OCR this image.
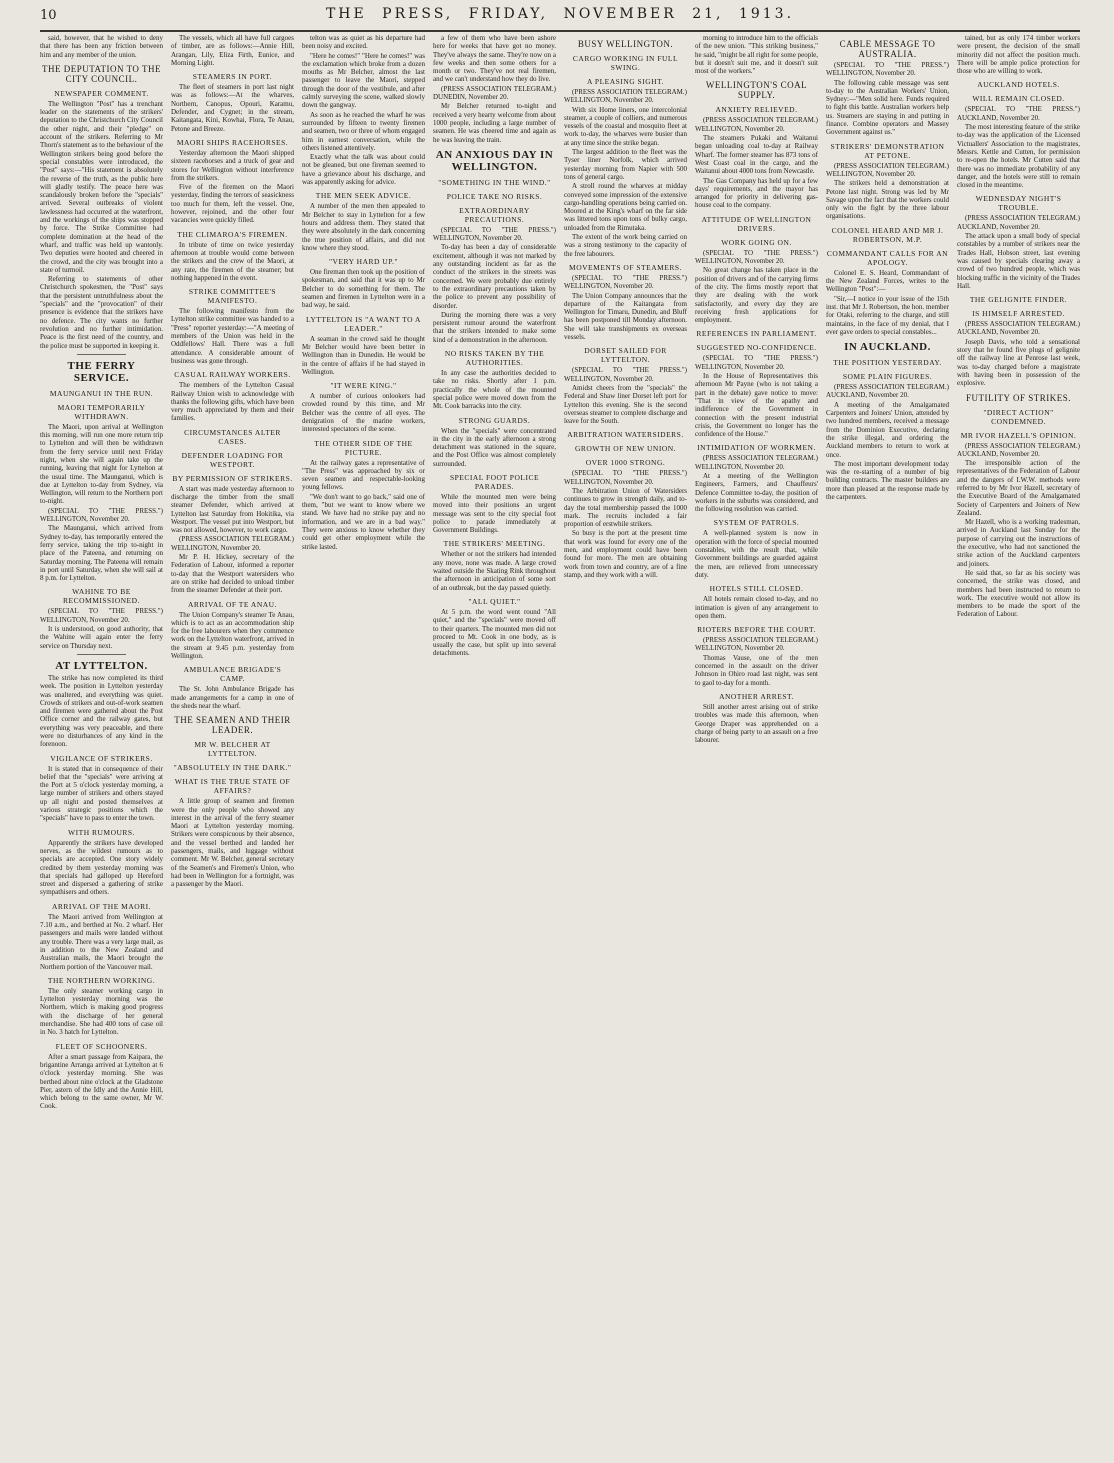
10	THE PRESS, FRIDAY, NOVEMBER 21, 1913.

said, however, that he wished to deny that there has been any friction between him and any member of the union.

THE DEPUTATION TO THE CITY COUNCIL.
NEWSPAPER COMMENT.

The Wellington "Post" has a trenchant leader on the statements of the strikers' deputation to the Christchurch City Council the other night, and their "pledge" on account of the strikers. Referring to Mr Thorn's statement as to the behaviour of the Wellington strikers being good before the special constables were introduced, the "Post" says:—"His statement is absolutely the reverse of the truth, as the public here will gladly testify. The peace here was scandalously broken before the "specials" arrived. Several outbreaks of violent lawlessness had occurred at the waterfront, and the workings of the ships was stopped by force. The Strike Committee had complete domination at the head of the wharf, and traffic was held up wantonly. Two deputies were hooted and cheered in the crowd, and the city was brought into a state of turmoil.

Referring to statements of other Christchurch spokesmen, the "Post" says that the persistent untruthfulness about the "specials" and the "provocation" of their presence is evidence that the strikers have no defence. The city wants no further revolution and no further intimidation. Peace is the first need of the country, and the police must be supported in keeping it.

THE FERRY SERVICE.
MAUNGANUI IN THE RUN.
MAORI TEMPORARILY WITHDRAWN.

The Maori, upon arrival at Wellington this morning, will run one more return trip to Lyttelton and will then be withdrawn from the ferry service until next Friday night, when she will again take up the running, leaving that night for Lyttelton at the usual time. The Maunganui, which is due at Lyttelton to-day from Sydney, via Wellington, will return to the Northern port to-night.

(SPECIAL TO "THE PRESS.") WELLINGTON, November 20.

The Maunganui, which arrived from Sydney to-day, has temporarily entered the ferry service, taking the trip to-night in place of the Pateena, and returning on Saturday morning. The Pateena will remain in port until Saturday, when she will sail at 8 p.m. for Lyttelton.

WAHINE TO BE RECOMMISSIONED.

(SPECIAL TO "THE PRESS.") WELLINGTON, November 20.

It is understood, on good authority, that the Wahine will again enter the ferry service on Thursday next.

AT LYTTELTON.

The strike has now completed its third week. The position in Lyttelton yesterday was unaltered, and everything was quiet. Crowds of strikers and out-of-work seamen and firemen were gathered about the Post Office corner and the railway gates, but everything was very peaceable, and there were no disturbances of any kind in the forenoon.

VIGILANCE OF STRIKERS.

It is stated that in consequence of their belief that the "specials" were arriving at the Port at 5 o'clock yesterday morning, a large number of strikers and others stayed up all night and posted themselves at various strategic positions which the "specials" have to pass to enter the town.

WITH RUMOURS.

Apparently the strikers have developed nerves, as the wildest rumours as to specials are accepted. One story widely credited by them yesterday morning was that specials had galloped up Hereford street and dispersed a gathering of strike sympathisers and others.

ARRIVAL OF THE MAORI.

The Maori arrived from Wellington at 7.10 a.m., and berthed at No. 2 wharf. Her passengers and mails were landed without any trouble. There was a very large mail, as in addition to the New Zealand and Australian mails, the Maori brought the Northern portion of the Vancouver mail.

THE NORTHERN WORKING.

The only steamer working cargo in Lyttelton yesterday morning was the Northern, which is making good progress with the discharge of her general merchandise. She had 400 tons of case oil in No. 3 hatch for Lyttelton.

FLEET OF SCHOONERS.

After a smart passage from Kaipara, the brigantine Arranga arrived at Lyttelton at 6 o'clock yesterday morning. She was berthed about nine o'clock at the Gladstone Pier, astern of the Idly and the Annie Hill, which belong to the same owner, Mr W. Cook.

The vessels, which all have full cargoes of timber, are as follows:—Annie Hill, Arangan, Lily, Eliza Firth, Eunice, and Morning Light.

STEAMERS IN PORT.

The fleet of steamers in port last night was as follows:—At the wharves, Northern, Canopus, Opouri, Karamu, Defender, and Cygnet; in the stream, Kaitangata, Kini, Kowhai, Flora, Te Anau, Petone and Breeze.

MAORI SHIPS RACEHORSES.

Yesterday afternoon the Maori shipped sixteen racehorses and a truck of gear and stores for Wellington without interference from the strikers.

Five of the firemen on the Maori yesterday, finding the terrors of seasickness too much for them, left the vessel. One, however, rejoined, and the other four vacancies were quickly filled.

THE CLIMAROA'S FIREMEN.

In tribute of time on twice yesterday afternoon at trouble would come between the strikers and the crew of the Maori, at any rate, the firemen of the steamer; but nothing happened in the event.

STRIKE COMMITTEE'S MANIFESTO.

The following manifesto from the Lyttelton strike committee was handed to a "Press" reporter yesterday:—"A meeting of members of the Union was held in the Oddfellows' Hall. There was a full attendance. A considerable amount of business was gone through.

CASUAL RAILWAY WORKERS.

The members of the Lyttelton Casual Railway Union wish to acknowledge with thanks the following gifts, which have been very much appreciated by them and their families.

CIRCUMSTANCES ALTER CASES.
DEFENDER LOADING FOR WESTPORT.
BY PERMISSION OF STRIKERS.

A start was made yesterday afternoon to discharge the timber from the small steamer Defender, which arrived at Lyttelton last Saturday from Hokitika, via Westport. The vessel put into Westport, but was not allowed, however, to work cargo.

(PRESS ASSOCIATION TELEGRAM.) WELLINGTON, November 20.

Mr P. H. Hickey, secretary of the Federation of Labour, informed a reporter to-day that the Westport watersiders who are on strike had decided to unload timber from the steamer Defender at their port.

ARRIVAL OF TE ANAU.

The Union Company's steamer Te Anau, which is to act as an accommodation ship for the free labourers when they commence work on the Lyttelton waterfront, arrived in the stream at 9.45 p.m. yesterday from Wellington.

AMBULANCE BRIGADE'S CAMP.

The St. John Ambulance Brigade has made arrangements for a camp in one of the sheds near the wharf.

THE SEAMEN AND THEIR LEADER.
MR W. BELCHER AT LYTTELTON.
"ABSOLUTELY IN THE DARK."
WHAT IS THE TRUE STATE OF AFFAIRS?

A little group of seamen and firemen were the only people who showed any interest in the arrival of the ferry steamer Maori at Lyttelton yesterday morning. Strikers were conspicuous by their absence, and the vessel berthed and landed her passengers, mails, and luggage without comment. Mr W. Belcher, general secretary of the Seamen's and Firemen's Union, who had been in Wellington for a fortnight, was a passenger by the Maori.

telton was as quiet as his departure had been noisy and excited.

"Here he comes!" "Here he comes!" was the exclamation which broke from a dozen mouths as Mr Belcher, almost the last passenger to leave the Maori, stepped through the door of the vestibule, and after calmly surveying the scene, walked slowly down the gangway.

As soon as he reached the wharf he was surrounded by fifteen to twenty firemen and seamen, two or three of whom engaged him in earnest conversation, while the others listened attentively.

Exactly what the talk was about could not be gleaned, but one fireman seemed to have a grievance about his discharge, and was apparently asking for advice.

THE MEN SEEK ADVICE.

A number of the men then appealed to Mr Belcher to stay in Lyttelton for a few hours and address them. They stated that they were absolutely in the dark concerning the true position of affairs, and did not know where they stood.

"VERY HARD UP."

One fireman then took up the position of spokesman, and said that it was up to Mr Belcher to do something for them. The seamen and firemen in Lyttelton were in a bad way, he said.

LYTTELTON IS "A WANT TO A LEADER."

A seaman in the crowd said he thought Mr Belcher would have been better in Wellington than in Dunedin. He would be in the centre of affairs if he had stayed in Wellington.

"IT WERE KING."

A number of curious onlookers had crowded round by this time, and Mr Belcher was the centre of all eyes. The denigration of the marine workers, interested spectators of the scene.

THE OTHER SIDE OF THE PICTURE.

At the railway gates a representative of "The Press" was approached by six or seven seamen and respectable-looking young fellows.

"We don't want to go back," said one of them, "but we want to know where we stand. We have had no strike pay and no information, and we are in a bad way." They were anxious to know whether they could get other employment while the strike lasted.

a few of them who have been ashore here for weeks that have got no money. They've always the same. They're now on a few weeks and then some others for a month or two. They've not real firemen, and we can't understand how they do live.

(PRESS ASSOCIATION TELEGRAM.) DUNEDIN, November 20.

Mr Belcher returned to-night and received a very hearty welcome from about 1000 people, including a large number of seamen. He was cheered time and again as he was leaving the train.

AN ANXIOUS DAY IN WELLINGTON.
"SOMETHING IN THE WIND."
POLICE TAKE NO RISKS.
EXTRAORDINARY PRECAUTIONS.

(SPECIAL TO "THE PRESS.") WELLINGTON, November 20.

To-day has been a day of considerable excitement, although it was not marked by any outstanding incident as far as the conduct of the strikers in the streets was concerned. We were probably due entirely to the extraordinary precautions taken by the police to prevent any possibility of disorder.

During the morning there was a very persistent rumour around the waterfront that the strikers intended to make some kind of a demonstration in the afternoon.

NO RISKS TAKEN BY THE AUTHORITIES.

In any case the authorities decided to take no risks. Shortly after 1 p.m. practically the whole of the mounted special police were moved down from the Mt. Cook barracks into the city.

STRONG GUARDS.

When the "specials" were concentrated in the city in the early afternoon a strong detachment was stationed in the square, and the Post Office was almost completely surrounded.

SPECIAL FOOT POLICE PARADES.

While the mounted men were being moved into their positions an urgent message was sent to the city special foot police to parade immediately at Government Buildings.

THE STRIKERS' MEETING.

Whether or not the strikers had intended any move, none was made. A large crowd waited outside the Skating Rink throughout the afternoon in anticipation of some sort of an outbreak, but the day passed quietly.

"ALL QUIET."

At 5 p.m. the word went round "All quiet," and the "specials" were moved off to their quarters. The mounted men did not proceed to Mt. Cook in one body, as is usually the case, but split up into several detachments.

BUSY WELLINGTON.
CARGO WORKING IN FULL SWING.
A PLEASING SIGHT.

(PRESS ASSOCIATION TELEGRAM.) WELLINGTON, November 20.

With six Home liners, one intercolonial steamer, a couple of colliers, and numerous vessels of the coastal and mosquito fleet at work to-day, the wharves were busier than at any time since the strike began.

The largest addition to the fleet was the Tyser liner Norfolk, which arrived yesterday morning from Napier with 500 tons of general cargo.

A stroll round the wharves at midday conveyed some impression of the extensive cargo-handling operations being carried on. Moored at the King's wharf on the far side was littered tons upon tons of bulky cargo, unloaded from the Rimutaka.

The extent of the work being carried on was a strong testimony to the capacity of the free labourers.

MOVEMENTS OF STEAMERS.

(SPECIAL TO "THE PRESS.") WELLINGTON, November 20.

The Union Company announces that the departure of the Kaitangata from Wellington for Timaru, Dunedin, and Bluff has been postponed till Monday afternoon. She will take transhipments ex overseas vessels.

DORSET SAILED FOR LYTTELTON.

(SPECIAL TO "THE PRESS.") WELLINGTON, November 20.

Amidst cheers from the "specials" the Federal and Shaw liner Dorset left port for Lyttelton this evening. She is the second overseas steamer to complete discharge and leave for the South.

ARBITRATION WATERSIDERS.
GROWTH OF NEW UNION.
OVER 1000 STRONG.

(SPECIAL TO "THE PRESS.") WELLINGTON, November 20.

The Arbitration Union of Watersiders continues to grow in strength daily, and to-day the total membership passed the 1000 mark. The recruits included a fair proportion of erstwhile strikers.

So busy is the port at the present time that work was found for every one of the men, and employment could have been found for more. The men are obtaining work from town and country, are of a fine stamp, and they work with a will.

morning to introduce him to the officials of the new union. "This striking business," he said, "might be all right for some people, but it doesn't suit me, and it doesn't suit most of the workers."

WELLINGTON'S COAL SUPPLY.
ANXIETY RELIEVED.

(PRESS ASSOCIATION TELEGRAM.) WELLINGTON, November 20.

The steamers Pukaki and Waitanui began unloading coal to-day at Railway Wharf. The former steamer has 873 tons of West Coast coal in the cargo, and the Waitanui about 4000 tons from Newcastle.

The Gas Company has held up for a few days' requirements, and the mayor has arranged for priority in delivering gas-house coal to the company.

ATTITUDE OF WELLINGTON DRIVERS.
WORK GOING ON.

(SPECIAL TO "THE PRESS.") WELLINGTON, November 20.

No great change has taken place in the position of drivers and of the carrying firms of the city. The firms mostly report that they are dealing with the work satisfactorily, and every day they are receiving fresh applications for employment.

REFERENCES IN PARLIAMENT.
SUGGESTED NO-CONFIDENCE.

(SPECIAL TO "THE PRESS.") WELLINGTON, November 20.

In the House of Representatives this afternoon Mr Payne (who is not taking a part in the debate) gave notice to move: "That in view of the apathy and indifference of the Government in connection with the present industrial crisis, the Government no longer has the confidence of the House."

INTIMIDATION OF WORKMEN.

(PRESS ASSOCIATION TELEGRAM.) WELLINGTON, November 20.

At a meeting of the Wellington Engineers, Farmers, and Chauffeurs' Defence Committee to-day, the position of workers in the suburbs was considered, and the following resolution was carried.

SYSTEM OF PATROLS.

A well-planned system is now in operation with the force of special mounted constables, with the result that, while Government buildings are guarded against the men, are relieved from unnecessary duty.

HOTELS STILL CLOSED.

All hotels remain closed to-day, and no intimation is given of any arrangement to open them.

RIOTERS BEFORE THE COURT.

(PRESS ASSOCIATION TELEGRAM.) WELLINGTON, November 20.

Thomas Vause, one of the men concerned in the assault on the driver Johnson in Ohiro road last night, was sent to gaol to-day for a month.

ANOTHER ARREST.

Still another arrest arising out of strike troubles was made this afternoon, when George Draper was apprehended on a charge of being party to an assault on a free labourer.

CABLE MESSAGE TO AUSTRALIA.

(SPECIAL TO "THE PRESS.") WELLINGTON, November 20.

The following cable message was sent to-day to the Australian Workers' Union, Sydney:—"Men solid here. Funds required to fight this battle. Australian workers help us. Steamers are staying in and putting in finance. Combine operators and Massey Government against us."

STRIKERS' DEMONSTRATION AT PETONE.

(PRESS ASSOCIATION TELEGRAM.) WELLINGTON, November 20.

The strikers held a demonstration at Petone last night. Strong was led by Mr Savage upon the fact that the workers could only win the fight by the three labour organisations.

COLONEL HEARD AND MR J. ROBERTSON, M.P.
COMMANDANT CALLS FOR AN APOLOGY.

Colonel E. S. Heard, Commandant of the New Zealand Forces, writes to the Wellington "Post":—

"Sir,—I notice in your issue of the 15th inst. that Mr J. Robertson, the hon. member for Otaki, referring to the charge, and still maintains, in the face of my denial, that I ever gave orders to special constables...

IN AUCKLAND.
THE POSITION YESTERDAY.
SOME PLAIN FIGURES.

(PRESS ASSOCIATION TELEGRAM.) AUCKLAND, November 20.

A meeting of the Amalgamated Carpenters and Joiners' Union, attended by two hundred members, received a message from the Dominion Executive, declaring the strike illegal, and ordering the Auckland members to return to work at once.

The most important development today was the re-starting of a number of big building contracts. The master builders are more than pleased at the response made by the carpenters.

tained, but as only 174 timber workers were present, the decision of the small minority did not affect the position much. There will be ample police protection for those who are willing to work.

AUCKLAND HOTELS.
WILL REMAIN CLOSED.

(SPECIAL TO "THE PRESS.") AUCKLAND, November 20.

The most interesting feature of the strike to-day was the application of the Licensed Victuallers' Association to the magistrates, Messrs. Kettle and Cutten, for permission to re-open the hotels. Mr Cutten said that there was no immediate probability of any danger, and the hotels were still to remain closed in the meantime.

WEDNESDAY NIGHT'S TROUBLE.

(PRESS ASSOCIATION TELEGRAM.) AUCKLAND, November 20.

The attack upon a small body of special constables by a number of strikers near the Trades Hall, Hobson street, last evening was caused by specials clearing away a crowd of two hundred people, which was blocking traffic in the vicinity of the Trades Hall.

THE GELIGNITE FINDER.
IS HIMSELF ARRESTED.

(PRESS ASSOCIATION TELEGRAM.) AUCKLAND, November 20.

Joseph Davis, who told a sensational story that he found five plugs of gelignite off the railway line at Penrose last week, was to-day charged before a magistrate with having been in possession of the explosive.

FUTILITY OF STRIKES.
"DIRECT ACTION" CONDEMNED.
MR IVOR HAZELL'S OPINION.

(PRESS ASSOCIATION TELEGRAM.) AUCKLAND, November 20.

The irresponsible action of the representatives of the Federation of Labour and the dangers of I.W.W. methods were referred to by Mr Ivor Hazell, secretary of the Executive Board of the Amalgamated Society of Carpenters and Joiners of New Zealand.

Mr Hazell, who is a working tradesman, arrived in Auckland last Sunday for the purpose of carrying out the instructions of the executive, who had not sanctioned the strike action of the Auckland carpenters and joiners.

He said that, so far as his society was concerned, the strike was closed, and members had been instructed to return to work. The executive would not allow its members to be made the sport of the Federation of Labour.
